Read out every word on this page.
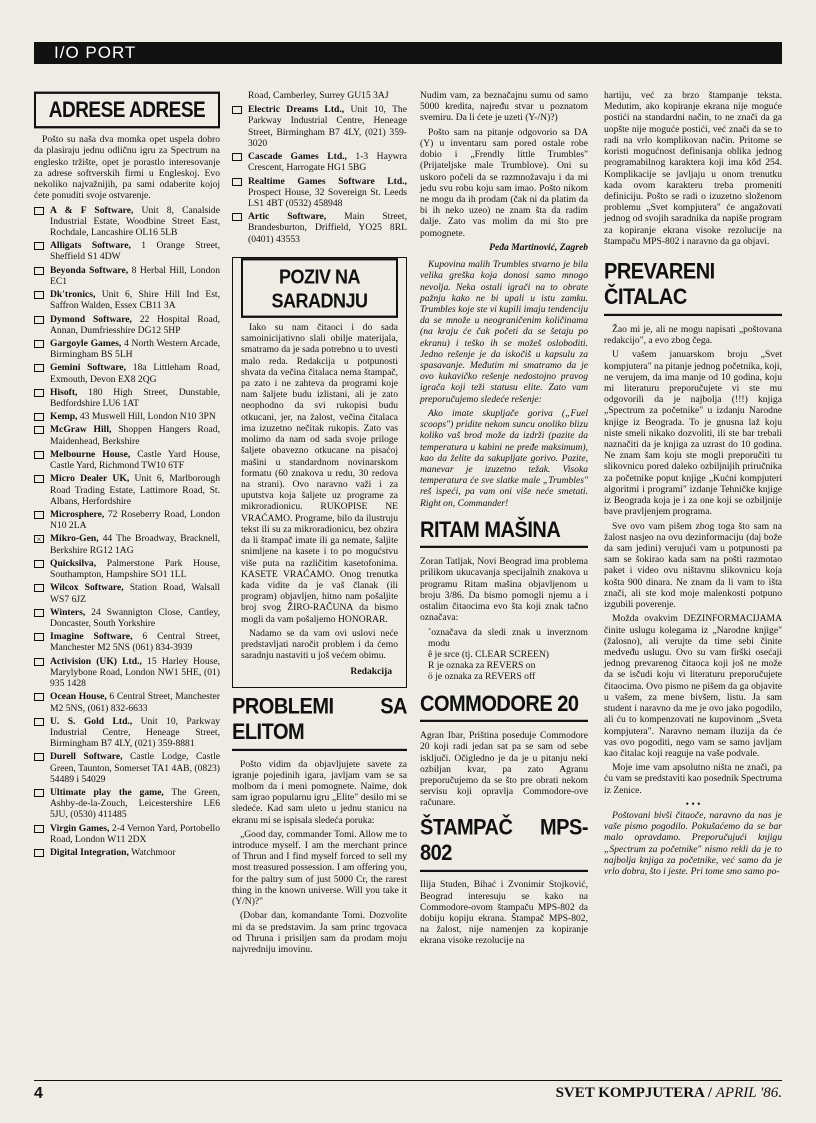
I/O PORT
ADRESE ADRESE

Pošto su naša dva momka opet uspela dobro da plasiraju jednu odličnu igru za Spectrum na englesko tržište, opet je porastlo interesovanje za adrese softverskih firmi u Engleskoj. Evo nekoliko najvažnijih, pa sami odaberite kojoj ćete ponuditi svoje ostvarenje.

A & F Software, Unit 8, Canalside Industrial Estate, Woodbine Street East, Rochdale, Lancashire OL16 5LB
Alligats Software, 1 Orange Street, Sheffield S1 4DW
Beyonda Software, 8 Herbal Hill, London EC1
Dk'tronics, Unit 6, Shire Hill Ind Est, Saffron Walden, Essex CB11 3A
Dymond Software, 22 Hospital Road, Annan, Dumfriesshire DG12 5HP
Gargoyle Games, 4 North Western Arcade, Birmingham BS 5LH
Gemini Software, 18a Littleham Road, Exmouth, Devon EX8 2QG
Hisoft, 180 High Street, Dunstable, Bedfordshire LU6 1AT
Kemp, 43 Muswell Hill, London N10 3PN
McGraw Hill, Shoppen Hangers Road, Maidenhead, Berkshire
Melbourne House, Castle Yard House, Castle Yard, Richmond TW10 6TF
Micro Dealer UK, Unit 6, Marlborough Road Trading Estate, Lattimore Road, St. Albans, Herfordshire
Microsphere, 72 Roseberry Road, London N10 2LA
× Mikro-Gen, 44 The Broadway, Bracknell, Berkshire RG12 1AG
Quicksilva, Palmerstone Park House, Southampton, Hampshire SO1 1LL
Wilcox Software, Station Road, Walsall WS7 6JZ
Winters, 24 Swannigton Close, Cantley, Doncaster, South Yorkshire
Imagine Software, 6 Central Street, Manchester M2 5NS (061) 834-3939
Activision (UK) Ltd., 15 Harley House, Marylybone Road, London NW1 5HE, (01) 935 1428
Ocean House, 6 Central Street, Manchester M2 5NS, (061) 832-6633
U. S. Gold Ltd., Unit 10, Parkway Industrial Centre, Heneage Street, Birmingham B7 4LY, (021) 359-8881
Durell Software, Castle Lodge, Castle Green, Taunton, Somerset TA1 4AB, (0823) 54489 i 54029
Ultimate play the game, The Green, Ashby-de-la-Zouch, Leicestershire LE6 5JU, (0530) 411485
Virgin Games, 2-4 Vernon Yard, Portobello Road, London W11 2DX
Digital Integration, Watchmoor

Road, Camberley, Surrey GU15 3AJ

Electric Dreams Ltd., Unit 10, The Parkway Industrial Centre, Heneage Street, Birmingham B7 4LY, (021) 359-3020
Cascade Games Ltd., 1-3 Haywra Crescent, Harrogate HG1 5BG
Realtime Games Software Ltd., Prospect House, 32 Sovereign St. Leeds LS1 4BT (0532) 458948
Artic Software, Main Street, Brandesburton, Driffield, YO25 8RL (0401) 43553
POZIV NA SARADNJU

Iako su nam čitaoci i do sada samoinicijativno slali obilje materijala, smatramo da je sada potrebno u to uvesti malo reda. Redakcija u potpunosti shvata da večina čitalaca nema štampač, pa zato i ne zahteva da programi koje nam šaljete budu izlistani, ali je zato neophodno da svi rukopisi budu otkucani, jer, na žalost, večina čitalaca ima izuzetno nečitak rukopis. Zato vas molimo da nam od sada svoje priloge šaljete obavezno otkucane na pisaćoj mašini u standardnom novinarskom formatu (60 znakova u redu, 30 redova na strani). Ovo naravno važi i za uputstva koja šaljete uz programe za mikroradionicu. RUKOPISE NE VRAĆAMO. Programe, bilo da ilustruju tekst ili su za mikroradionicu, bez obzira da li štampač imate ili ga nemate, šaljite snimljene na kasete i to po mogućstvu više puta na različitim kasetofonima. KASETE VRAĆAMO. Onog trenutka kada vidite da je vaš članak (ili program) objavljen, hitno nam pošaljite broj svog ŽIRO-RAČUNA da bismo mogli da vam pošaljemo HONORAR.

Nadamo se da vam ovi uslovi neće predstavljati naročit problem i da ćemo saradnju nastaviti u još većem obimu.

Redakcija
PROBLEMI SA ELITOM

Pošto vidim da objavljujete savete za igranje pojedinih igara, javljam vam se sa molbom da i meni pomognete. Naime, dok sam igrao popularnu igru „Elite" desilo mi se sledeće. Kad sam uleto u jednu stanicu na ekranu mi se ispisala sledeća poruka:

„Good day, commander Tomi. Allow me to introduce myself. I am the merchant prince of Thrun and I find myself forced to sell my most treasured possession. I am offering you, for the paltry sum of just 5000 Cr, the rarest thing in the known universe. Will you take it (Y/N)?"

(Dobar dan, komandante Tomi. Dozvolite mi da se predstavim. Ja sam princ trgovaca od Thruna i prisiljen sam da prodam moju najvredniju imovinu.

Nudim vam, za beznačajnu sumu od samo 5000 kredita, najređu stvar u poznatom svemiru. Da li ćete je uzeti (Y-/N)?)

Pošto sam na pitanje odgovorio sa DA (Y) u inventaru sam pored ostale robe dobio i „Frendly little Trumbles" (Prijateljske male Trumblove). Oni su uskoro počeli da se razmnožavaju i da mi jedu svu robu koju sam imao. Pošto nikom ne mogu da ih prodam (čak ni da platim da bi ih neko uzeo) ne znam šta da radim dalje. Zato vas molim da mi što pre pomognete.

Peđa Martinović, Zagreb

Kupovina malih Trumbles stvarno je bila velika greška koja donosi samo mnogo nevolja. Neka ostali igrači na to obrate pažnju kako ne bi upali u istu zamku. Trumbles koje ste vi kupili imaju tendenciju da se množe u neograničenim količinama (na kraju će čak početi da se šetaju po ekranu) i teško ih se možeš osloboditi. Jedno rešenje je da iskočiš u kapsulu za spasavanje. Međutim mi smatramo da je ovo kukavičko rešenje nedostojno pravog igrača koji teži statusu elite. Zato vam preporučujemo sledeće rešenje:

Ako imate skupljače goriva („Fuel scoops") pridite nekom suncu onoliko blizu koliko vaš brod može da izdrži (pazite da temperatura u kabini ne pređe maksimum), kao da želite da sakupljate gorivo. Pazite, manevar je izuzetno težak. Visoka temperatura će sve slatke male „Trumbles" reš ispeći, pa vam oni više neće smetati. Right on, Commander!

RITAM MAŠINA

Zoran Tatljak, Novi Beograd ima problema prilikom ukucavanja specijalnih znakova u programu Ritam mašina objavljenom u broju 3/86. Da bismo pomogli njemu a i ostalim čitaocima evo šta koji znak tačno označava:

˚označava da sledi znak u inverznom modu
ê je srce (tj. CLEAR SCREEN)
R je oznaka za REVERS on
ö je oznaka za REVERS off
COMMODORE 20

Agran Ibar, Priština poseduje Commodore 20 koji radi jedan sat pa se sam od sebe isključi. Očigledno je da je u pitanju neki ozbiljan kvar, pa zato Agranu preporučujemo da se što pre obrati nekom servisu koji opravlja Commodore-ove računare.

ŠTAMPAČ MPS-802

Ilija Studen, Bihać i Zvonimir Stojković, Beograd interesuju se kako na Commodore-ovom štampaču MPS-802 da dobiju kopiju ekrana. Štampač MPS-802, na žalost, nije namenjen za kopiranje ekrana visoke rezolucije na

hartiju, već za brzo štampanje teksta. Medutim, ako kopiranje ekrana nije moguće postići na standardni način, to ne znači da ga uopšte nije moguće postići, već znači da se to radi na vrlo komplikovan način. Pritome se koristi mogućnost definisanja oblika jednog programabilnog karaktera koji ima kôd 254. Komplikacije se javljaju u onom trenutku kada ovom karakteru treba promeniti definiciju. Pošto se radi o izuzetno složenom problemu „Svet kompjutera" će angažovati jednog od svojih saradnika da napiše program za kopiranje ekrana visoke rezolucije na štampaču MPS-802 i naravno da ga objavi.

PREVARENI ČITALAC

Žao mi je, ali ne mogu napisati „poštovana redakcijo", a evo zbog čega.

U vašem januarskom broju „Svet kompjutera" na pitanje jednog početnika, koji, ne verujem, da ima manje od 10 godina, koju mi literaturu preporučujete vi ste mu odgovorili da je najbolja (!!!) knjiga „Spectrum za početnike" u izdanju Narodne knjige iz Beograda. To je gnusna laž koju niste smeli nikako dozvoliti, ili ste bar trebali naznačiti da je knjiga za uzrast do 10 godina. Ne znam šam koju ste mogli preporučiti tu slikovnicu pored daleko ozbiljnijih priručnika za početnike poput knjige „Kućni kompjuteri algoritmi i programi" izdanje Tehničke knjige iz Beograda koja je i za one koji se ozbiljnije bave pravljenjem programa.

Sve ovo vam pišem zbog toga što sam na žalost nasjeo na ovu dezinformaciju (daj bože da sam jedini) verujući vam u potpunosti pa sam se šokirao kada sam na pošti razmotao paket i video ovu ništavnu slikovnicu koja košta 900 dinara. Ne znam da li vam to išta znači, ali ste kod moje malenkosti potpuno izgubili poverenje.

Možda ovakvim DEZINFORMACIJAMA činite uslugu kolegama iz „Narodne knjige" (žalosno), ali verujte da time sebi činite medveđu uslugu. Ovo su vam firški osećaji jednog prevarenog čitaoca koji još ne može da se isčudi koju vi literaturu preporučujete čitaocima. Ovo pismo ne pišem da ga objavite u vašem, za mene bivšem, listu. Ja sam student i naravno da me je ovo jako pogodilo, ali ću to kompenzovati ne kupovinom „Sveta kompjutera". Naravno nemam iluzija da će vas ovo pogoditi, nego vam se samo javljam kao čitalac koji reaguje na vaše podvale.

Moje ime vam apsolutno ništa ne znači, pa ću vam se predstaviti kao posednik Spectruma iz Zenice.

• • •

Poštovani bivši čitaoče, naravno da nas je vaše pismo pogodilo. Pokušaćemo da se bar malo opravdamo. Preporučujući knjigu „Spectrum za početnike" nismo rekli da je to najbolja knjiga za početnike, već samo da je vrlo dobra, što i jeste. Pri tome smo samo po-

4	SVET KOMPJUTERA / APRIL '86.
